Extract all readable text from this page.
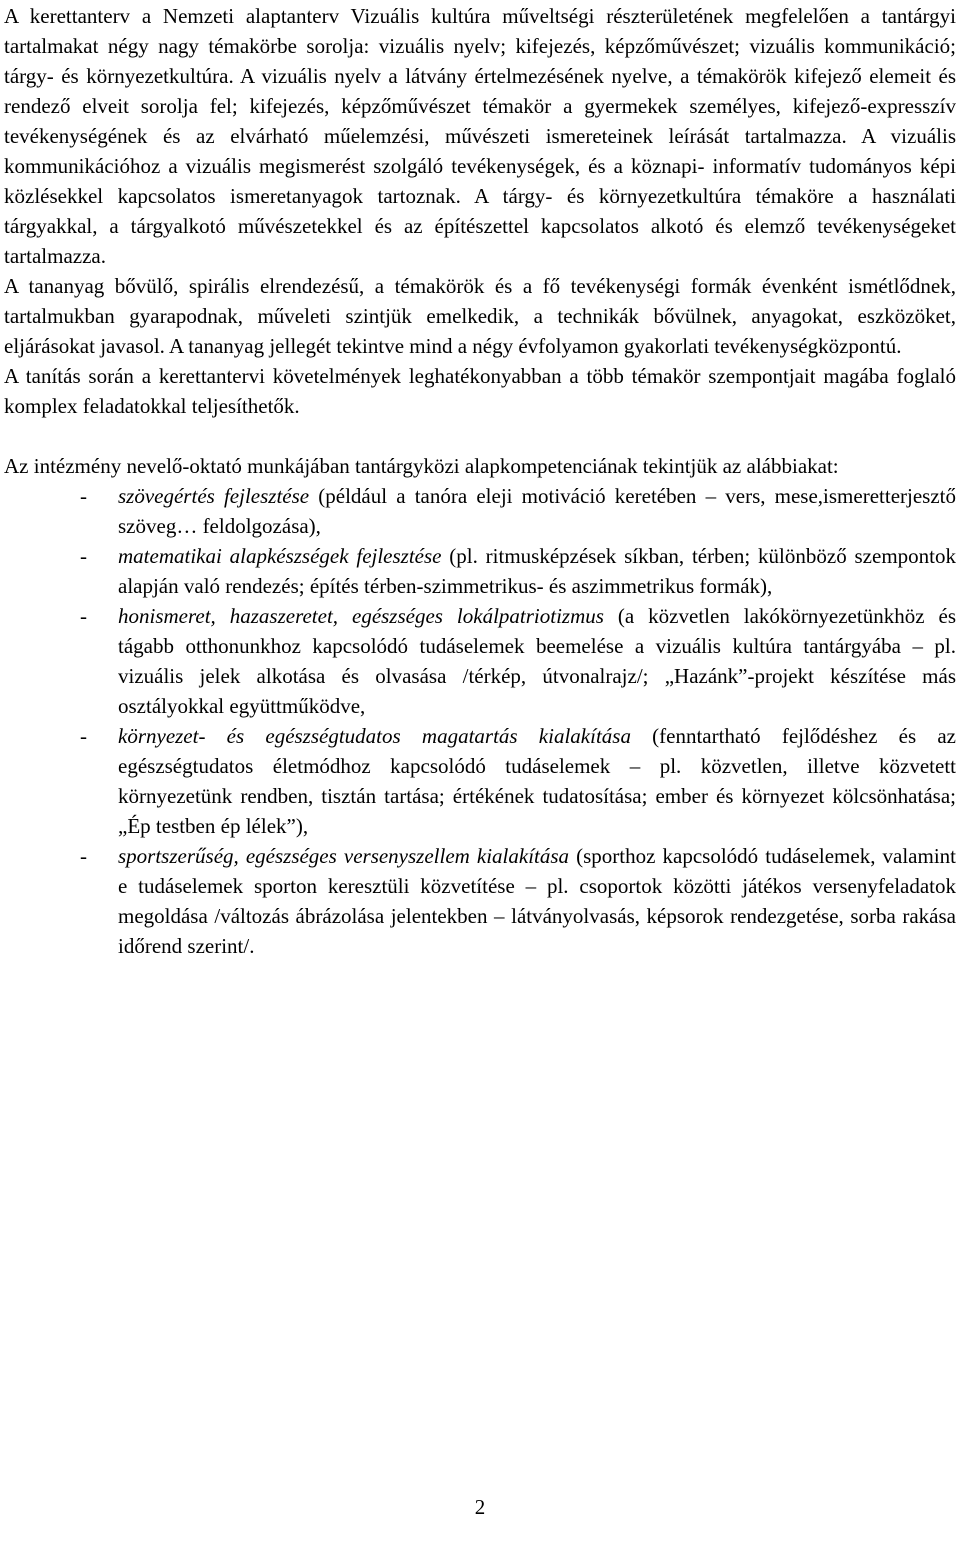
A kerettanterv a Nemzeti alaptanterv Vizuális kultúra műveltségi részterületének megfelelően a tantárgyi tartalmakat négy nagy témakörbe sorolja: vizuális nyelv; kifejezés, képzőművészet; vizuális kommunikáció; tárgy- és környezetkultúra. A vizuális nyelv a látvány értelmezésének nyelve, a témakörök kifejező elemeit és rendező elveit sorolja fel; kifejezés, képzőművészet témakör a gyermekek személyes, kifejező-expresszív tevékenységének és az elvárható műelemzési, művészeti ismereteinek leírását tartalmazza. A vizuális kommunikációhoz a vizuális megismerést szolgáló tevékenységek, és a köznapi- informatív tudományos képi közlésekkel kapcsolatos ismeretanyagok tartoznak. A tárgy- és környezetkultúra témaköre a használati tárgyakkal, a tárgyalkotó művészetekkel és az építészettel kapcsolatos alkotó és elemző tevékenységeket tartalmazza.

A tananyag bővülő, spirális elrendezésű, a témakörök és a fő tevékenységi formák évenként ismétlődnek, tartalmukban gyarapodnak, műveleti szintjük emelkedik, a technikák bővülnek, anyagokat, eszközöket, eljárásokat javasol. A tananyag jellegét tekintve mind a négy évfolyamon gyakorlati tevékenységközpontú.

A tanítás során a kerettantervi követelmények leghatékonyabban a több témakör szempontjait magába foglaló komplex feladatokkal teljesíthetők.

Az intézmény nevelő-oktató munkájában tantárgyközi alapkompetenciának tekintjük az alábbiakat:

- szövegértés fejlesztése (például a tanóra eleji motiváció keretében – vers, mese,ismeretterjesztő szöveg… feldolgozása),
- matematikai alapkészségek fejlesztése (pl. ritmusképzések síkban, térben; különböző szempontok alapján való rendezés; építés térben-szimmetrikus- és aszimmetrikus formák),
- honismeret, hazaszeretet, egészséges lokálpatriotizmus (a közvetlen lakókörnyezetünkhöz és tágabb otthonunkhoz kapcsolódó tudáselemek beemelése a vizuális kultúra tantárgyába – pl. vizuális jelek alkotása és olvasása /térkép, útvonalrajz/; „Hazánk”-projekt készítése más osztályokkal együttműködve,
- környezet- és egészségtudatos magatartás kialakítása (fenntartható fejlődéshez és az egészségtudatos életmódhoz kapcsolódó tudáselemek – pl. közvetlen, illetve közvetett környezetünk rendben, tisztán tartása; értékének tudatosítása; ember és környezet kölcsönhatása; „Ép testben ép lélek”),
- sportszerűség, egészséges versenyszellem kialakítása (sporthoz kapcsolódó tudáselemek, valamint e tudáselemek sporton keresztüli közvetítése – pl. csoportok közötti játékos versenyfeladatok megoldása /változás ábrázolása jelentekben – látványolvasás, képsorok rendezgetése, sorba rakása időrend szerint/.
2
